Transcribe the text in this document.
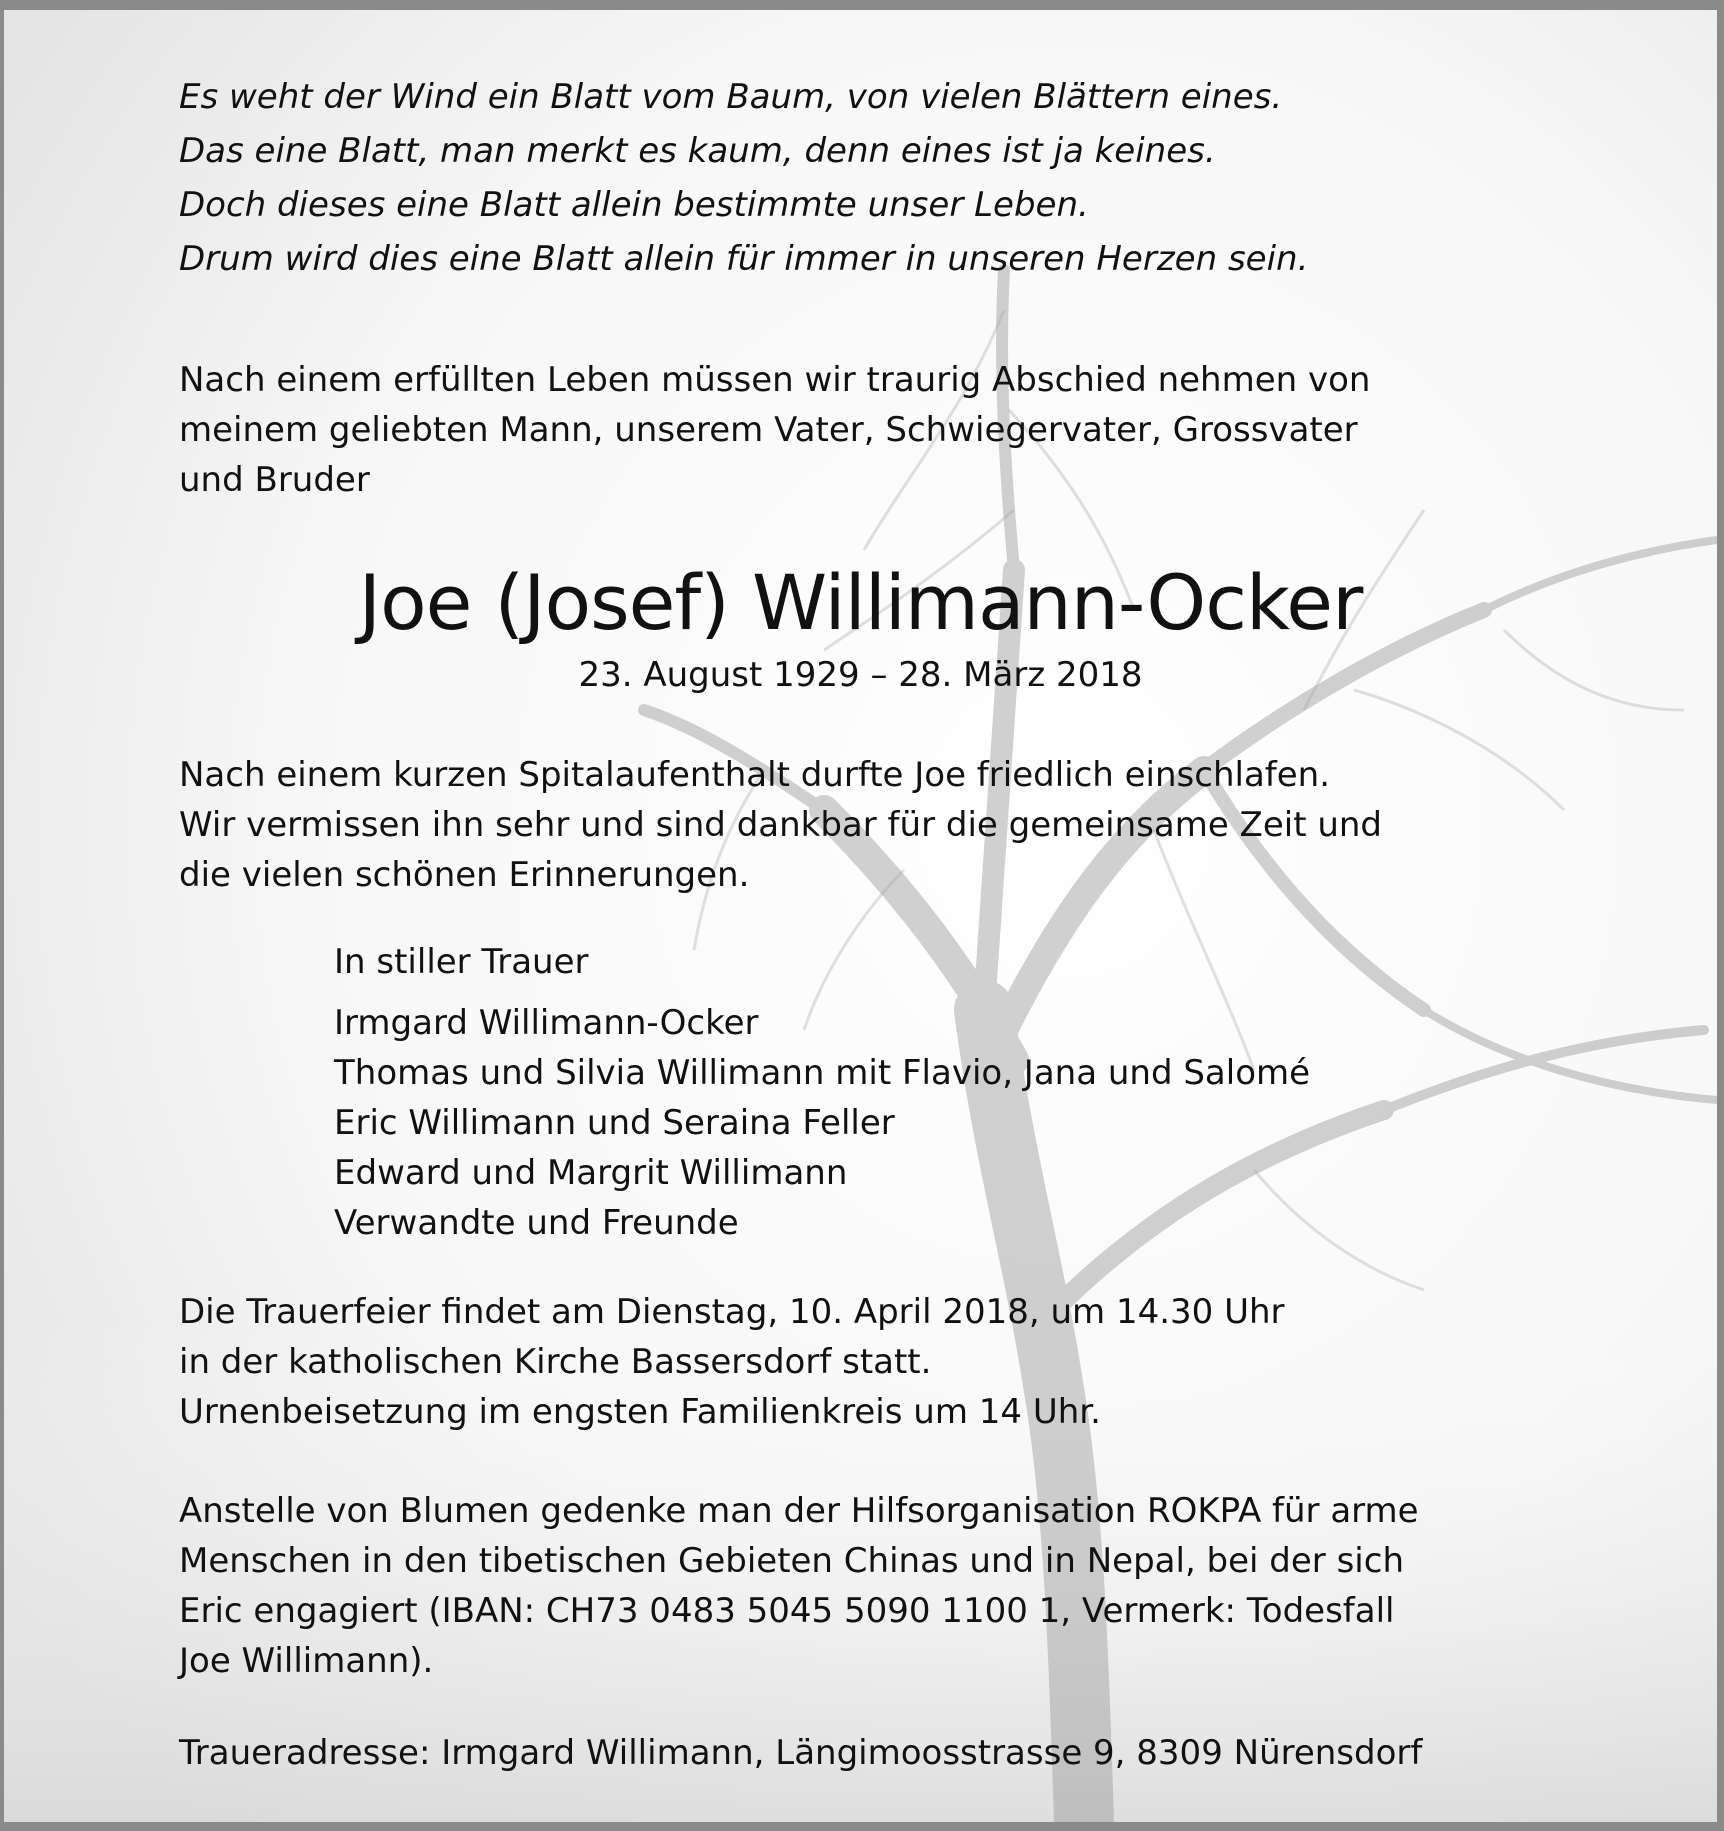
Es weht der Wind ein Blatt vom Baum, von vielen Blättern eines.
Das eine Blatt, man merkt es kaum, denn eines ist ja keines.
Doch dieses eine Blatt allein bestimmte unser Leben.
Drum wird dies eine Blatt allein für immer in unseren Herzen sein.
Nach einem erfüllten Leben müssen wir traurig Abschied nehmen von
meinem geliebten Mann, unserem Vater, Schwiegervater, Grossvater
und Bruder
Joe (Josef) Willimann-Ocker
23. August 1929 – 28. März 2018
Nach einem kurzen Spitalaufenthalt durfte Joe friedlich einschlafen.
Wir vermissen ihn sehr und sind dankbar für die gemeinsame Zeit und
die vielen schönen Erinnerungen.
In stiller Trauer
Irmgard Willimann-Ocker
Thomas und Silvia Willimann mit Flavio, Jana und Salomé
Eric Willimann und Seraina Feller
Edward und Margrit Willimann
Verwandte und Freunde
Die Trauerfeier findet am Dienstag, 10. April 2018, um 14.30 Uhr
in der katholischen Kirche Bassersdorf statt.
Urnenbeisetzung im engsten Familienkreis um 14 Uhr.
Anstelle von Blumen gedenke man der Hilfsorganisation ROKPA für arme
Menschen in den tibetischen Gebieten Chinas und in Nepal, bei der sich
Eric engagiert (IBAN: CH73 0483 5045 5090 1100 1, Vermerk: Todesfall
Joe Willimann).
Traueradresse: Irmgard Willimann, Längimoosstrasse 9, 8309 Nürensdorf
